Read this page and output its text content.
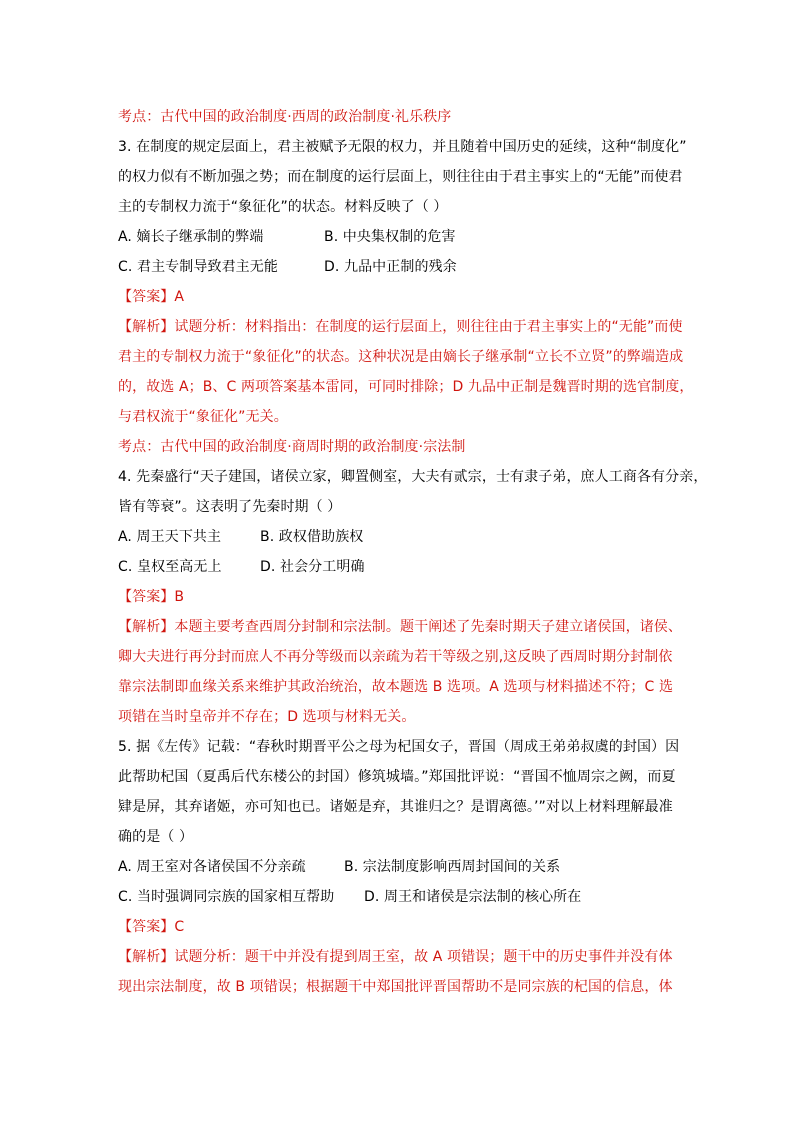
考点：古代中国的政治制度·西周的政治制度·礼乐秩序
3. 在制度的规定层面上，君主被赋予无限的权力，并且随着中国历史的延续，这种“制度化”
的权力似有不断加强之势；而在制度的运行层面上，则往往由于君主事实上的“无能”而使君
主的专制权力流于“象征化”的状态。材料反映了（ ）
A. 嫡长子继承制的弊端	B. 中央集权制的危害
C. 君主专制导致君主无能	D. 九品中正制的残余
【答案】A
【解析】试题分析：材料指出：在制度的运行层面上，则往往由于君主事实上的“无能”而使
君主的专制权力流于“象征化”的状态。这种状况是由嫡长子继承制“立长不立贤”的弊端造成
的，故选 A；B、C 两项答案基本雷同，可同时排除；D 九品中正制是魏晋时期的选官制度，
与君权流于“象征化”无关。
考点：古代中国的政治制度·商周时期的政治制度·宗法制
4. 先秦盛行“天子建国，诸侯立家，卿置侧室，大夫有贰宗，士有隶子弟，庶人工商各有分亲，
皆有等衰”。这表明了先秦时期（ ）
A. 周王天下共主	B. 政权借助族权
C. 皇权至高无上	D. 社会分工明确
【答案】B
【解析】本题主要考查西周分封制和宗法制。题干阐述了先秦时期天子建立诸侯国，诸侯、
卿大夫进行再分封而庶人不再分等级而以亲疏为若干等级之别,这反映了西周时期分封制依
靠宗法制即血缘关系来维护其政治统治，故本题选 B 选项。A 选项与材料描述不符；C 选
项错在当时皇帝并不存在；D 选项与材料无关。
5. 据《左传》记载：“春秋时期晋平公之母为杞国女子，晋国（周成王弟弟叔虞的封国）因
此帮助杞国（夏禹后代东楼公的封国）修筑城墙。”郑国批评说：“晋国不恤周宗之阙，而夏
肄是屏，其弃诸姬，亦可知也已。诸姬是弃，其谁归之？是谓离德。’”对以上材料理解最准
确的是（ ）
A. 周王室对各诸侯国不分亲疏	B. 宗法制度影响西周封国间的关系
C. 当时强调同宗族的国家相互帮助 D. 周王和诸侯是宗法制的核心所在
【答案】C
【解析】试题分析：题干中并没有提到周王室，故 A 项错误；题干中的历史事件并没有体
现出宗法制度，故 B 项错误；根据题干中郑国批评晋国帮助不是同宗族的杞国的信息，体
